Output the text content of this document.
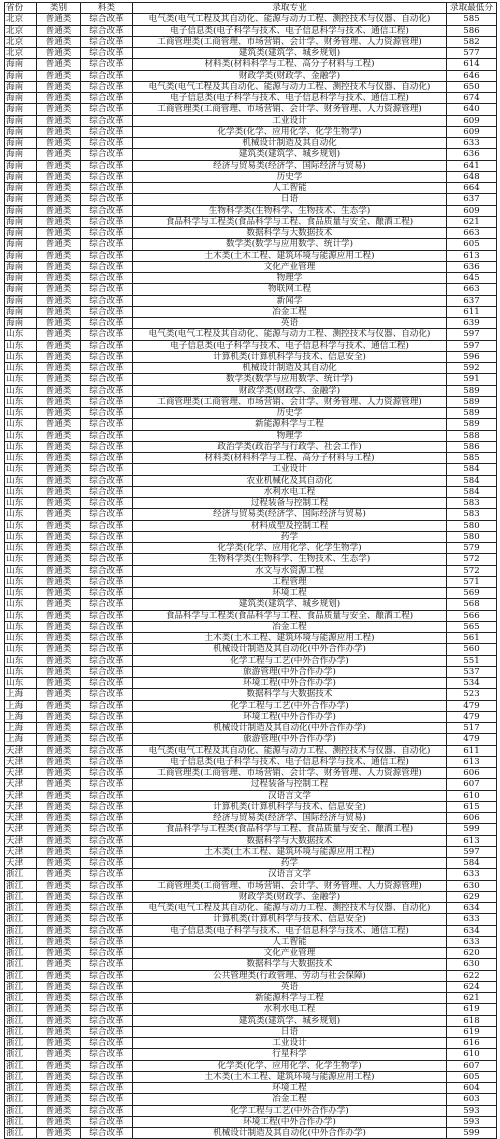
省份	类别	科类	录取专业	录取最低分
北京	普通类	综合改革	电气类(电气工程及其自动化、能源与动力工程、测控技术与仪器、自动化)	585
北京	普通类	综合改革	电子信息类(电子科学与技术、电子信息科学与技术、通信工程)	586
北京	普通类	综合改革	工商管理类(工商管理、市场营销、会计学、财务管理、人力资源管理)	582
北京	普通类	综合改革	建筑类(建筑学、城乡规划)	577
海南	普通类	综合改革	材料类(材料科学与工程、高分子材料与工程)	614
海南	普通类	综合改革	财政学类(财政学、金融学)	646
海南	普通类	综合改革	电气类(电气工程及其自动化、能源与动力工程、测控技术与仪器、自动化)	650
海南	普通类	综合改革	电子信息类(电子科学与技术、电子信息科学与技术、通信工程)	674
海南	普通类	综合改革	工商管理类(工商管理、市场营销、会计学、财务管理、人力资源管理)	640
海南	普通类	综合改革	工业设计	609
海南	普通类	综合改革	化学类(化学、应用化学、化学生物学)	609
海南	普通类	综合改革	机械设计制造及其自动化	633
海南	普通类	综合改革	建筑类(建筑学、城乡规划)	636
海南	普通类	综合改革	经济与贸易类(经济学、国际经济与贸易)	641
海南	普通类	综合改革	历史学	648
海南	普通类	综合改革	人工智能	664
海南	普通类	综合改革	日语	637
海南	普通类	综合改革	生物科学类(生物科学、生物技术、生态学)	609
海南	普通类	综合改革	食品科学与工程类(食品科学与工程、食品质量与安全、酿酒工程)	621
海南	普通类	综合改革	数据科学与大数据技术	663
海南	普通类	综合改革	数学类(数学与应用数学、统计学)	605
海南	普通类	综合改革	土木类(土木工程、建筑环境与能源应用工程)	613
海南	普通类	综合改革	文化产业管理	636
海南	普通类	综合改革	物理学	645
海南	普通类	综合改革	物联网工程	663
海南	普通类	综合改革	新闻学	637
海南	普通类	综合改革	冶金工程	611
海南	普通类	综合改革	英语	639
山东	普通类	综合改革	电气类(电气工程及其自动化、能源与动力工程、测控技术与仪器、自动化)	597
山东	普通类	综合改革	电子信息类(电子科学与技术、电子信息科学与技术、通信工程)	597
山东	普通类	综合改革	计算机类(计算机科学与技术、信息安全)	596
山东	普通类	综合改革	机械设计制造及其自动化	592
山东	普通类	综合改革	数学类(数学与应用数学、统计学)	591
山东	普通类	综合改革	财政学类(财政学、金融学)	589
山东	普通类	综合改革	工商管理类(工商管理、市场营销、会计学、财务管理、人力资源管理)	589
山东	普通类	综合改革	历史学	589
山东	普通类	综合改革	新能源科学与工程	589
山东	普通类	综合改革	物理学	588
山东	普通类	综合改革	政治学类(政治学与行政学、社会工作)	586
山东	普通类	综合改革	材料类(材料科学与工程、高分子材料与工程)	585
山东	普通类	综合改革	工业设计	584
山东	普通类	综合改革	农业机械化及其自动化	584
山东	普通类	综合改革	水利水电工程	584
山东	普通类	综合改革	过程装备与控制工程	583
山东	普通类	综合改革	经济与贸易类(经济学、国际经济与贸易)	583
山东	普通类	综合改革	材料成型及控制工程	580
山东	普通类	综合改革	药学	580
山东	普通类	综合改革	化学类(化学、应用化学、化学生物学)	579
山东	普通类	综合改革	生物科学类(生物科学、生物技术、生态学)	572
山东	普通类	综合改革	水文与水资源工程	572
山东	普通类	综合改革	工程管理	571
山东	普通类	综合改革	环境工程	569
山东	普通类	综合改革	建筑类(建筑学、城乡规划)	568
山东	普通类	综合改革	食品科学与工程类(食品科学与工程、食品质量与安全、酿酒工程)	566
山东	普通类	综合改革	冶金工程	565
山东	普通类	综合改革	土木类(土木工程、建筑环境与能源应用工程)	561
山东	普通类	综合改革	机械设计制造及其自动化(中外合作办学)	560
山东	普通类	综合改革	化学工程与工艺(中外合作办学)	551
山东	普通类	综合改革	旅游管理(中外合作办学)	537
山东	普通类	综合改革	环境工程(中外合作办学)	534
上海	普通类	综合改革	数据科学与大数据技术	523
上海	普通类	综合改革	化学工程与工艺(中外合作办学)	479
上海	普通类	综合改革	环境工程(中外合作办学)	479
上海	普通类	综合改革	机械设计制造及其自动化(中外合作办学)	517
上海	普通类	综合改革	旅游管理(中外合作办学)	479
天津	普通类	综合改革	电气类(电气工程及其自动化、能源与动力工程、测控技术与仪器、自动化)	611
天津	普通类	综合改革	电子信息类(电子科学与技术、电子信息科学与技术、通信工程)	613
天津	普通类	综合改革	工商管理类(工商管理、市场营销、会计学、财务管理、人力资源管理)	606
天津	普通类	综合改革	过程装备与控制工程	607
天津	普通类	综合改革	汉语言文学	610
天津	普通类	综合改革	计算机类(计算机科学与技术、信息安全)	615
天津	普通类	综合改革	经济与贸易类(经济学、国际经济与贸易)	606
天津	普通类	综合改革	食品科学与工程类(食品科学与工程、食品质量与安全、酿酒工程)	599
天津	普通类	综合改革	数据科学与大数据技术	613
天津	普通类	综合改革	土木类(土木工程、建筑环境与能源应用工程)	597
天津	普通类	综合改革	药学	584
浙江	普通类	综合改革	汉语言文学	633
浙江	普通类	综合改革	工商管理类(工商管理、市场营销、会计学、财务管理、人力资源管理)	630
浙江	普通类	综合改革	财政学类(财政学、金融学)	629
浙江	普通类	综合改革	电气类(电气工程及其自动化、能源与动力工程、测控技术与仪器、自动化)	634
浙江	普通类	综合改革	计算机类(计算机科学与技术、信息安全)	633
浙江	普通类	综合改革	电子信息类(电子科学与技术、电子信息科学与技术、通信工程)	634
浙江	普通类	综合改革	人工智能	633
浙江	普通类	综合改革	文化产业管理	620
浙江	普通类	综合改革	数据科学与大数据技术	630
浙江	普通类	综合改革	公共管理类(行政管理、劳动与社会保障)	622
浙江	普通类	综合改革	英语	624
浙江	普通类	综合改革	新能源科学与工程	621
浙江	普通类	综合改革	水利水电工程	619
浙江	普通类	综合改革	建筑类(建筑学、城乡规划)	618
浙江	普通类	综合改革	日语	619
浙江	普通类	综合改革	工业设计	616
浙江	普通类	综合改革	行星科学	610
浙江	普通类	综合改革	化学类(化学、应用化学、化学生物学)	607
浙江	普通类	综合改革	土木类(土木工程、建筑环境与能源应用工程)	605
浙江	普通类	综合改革	环境工程	604
浙江	普通类	综合改革	冶金工程	603
浙江	普通类	综合改革	化学工程与工艺(中外合作办学)	593
浙江	普通类	综合改革	环境工程(中外合作办学)	593
浙江	普通类	综合改革	机械设计制造及其自动化(中外合作办学)	599
